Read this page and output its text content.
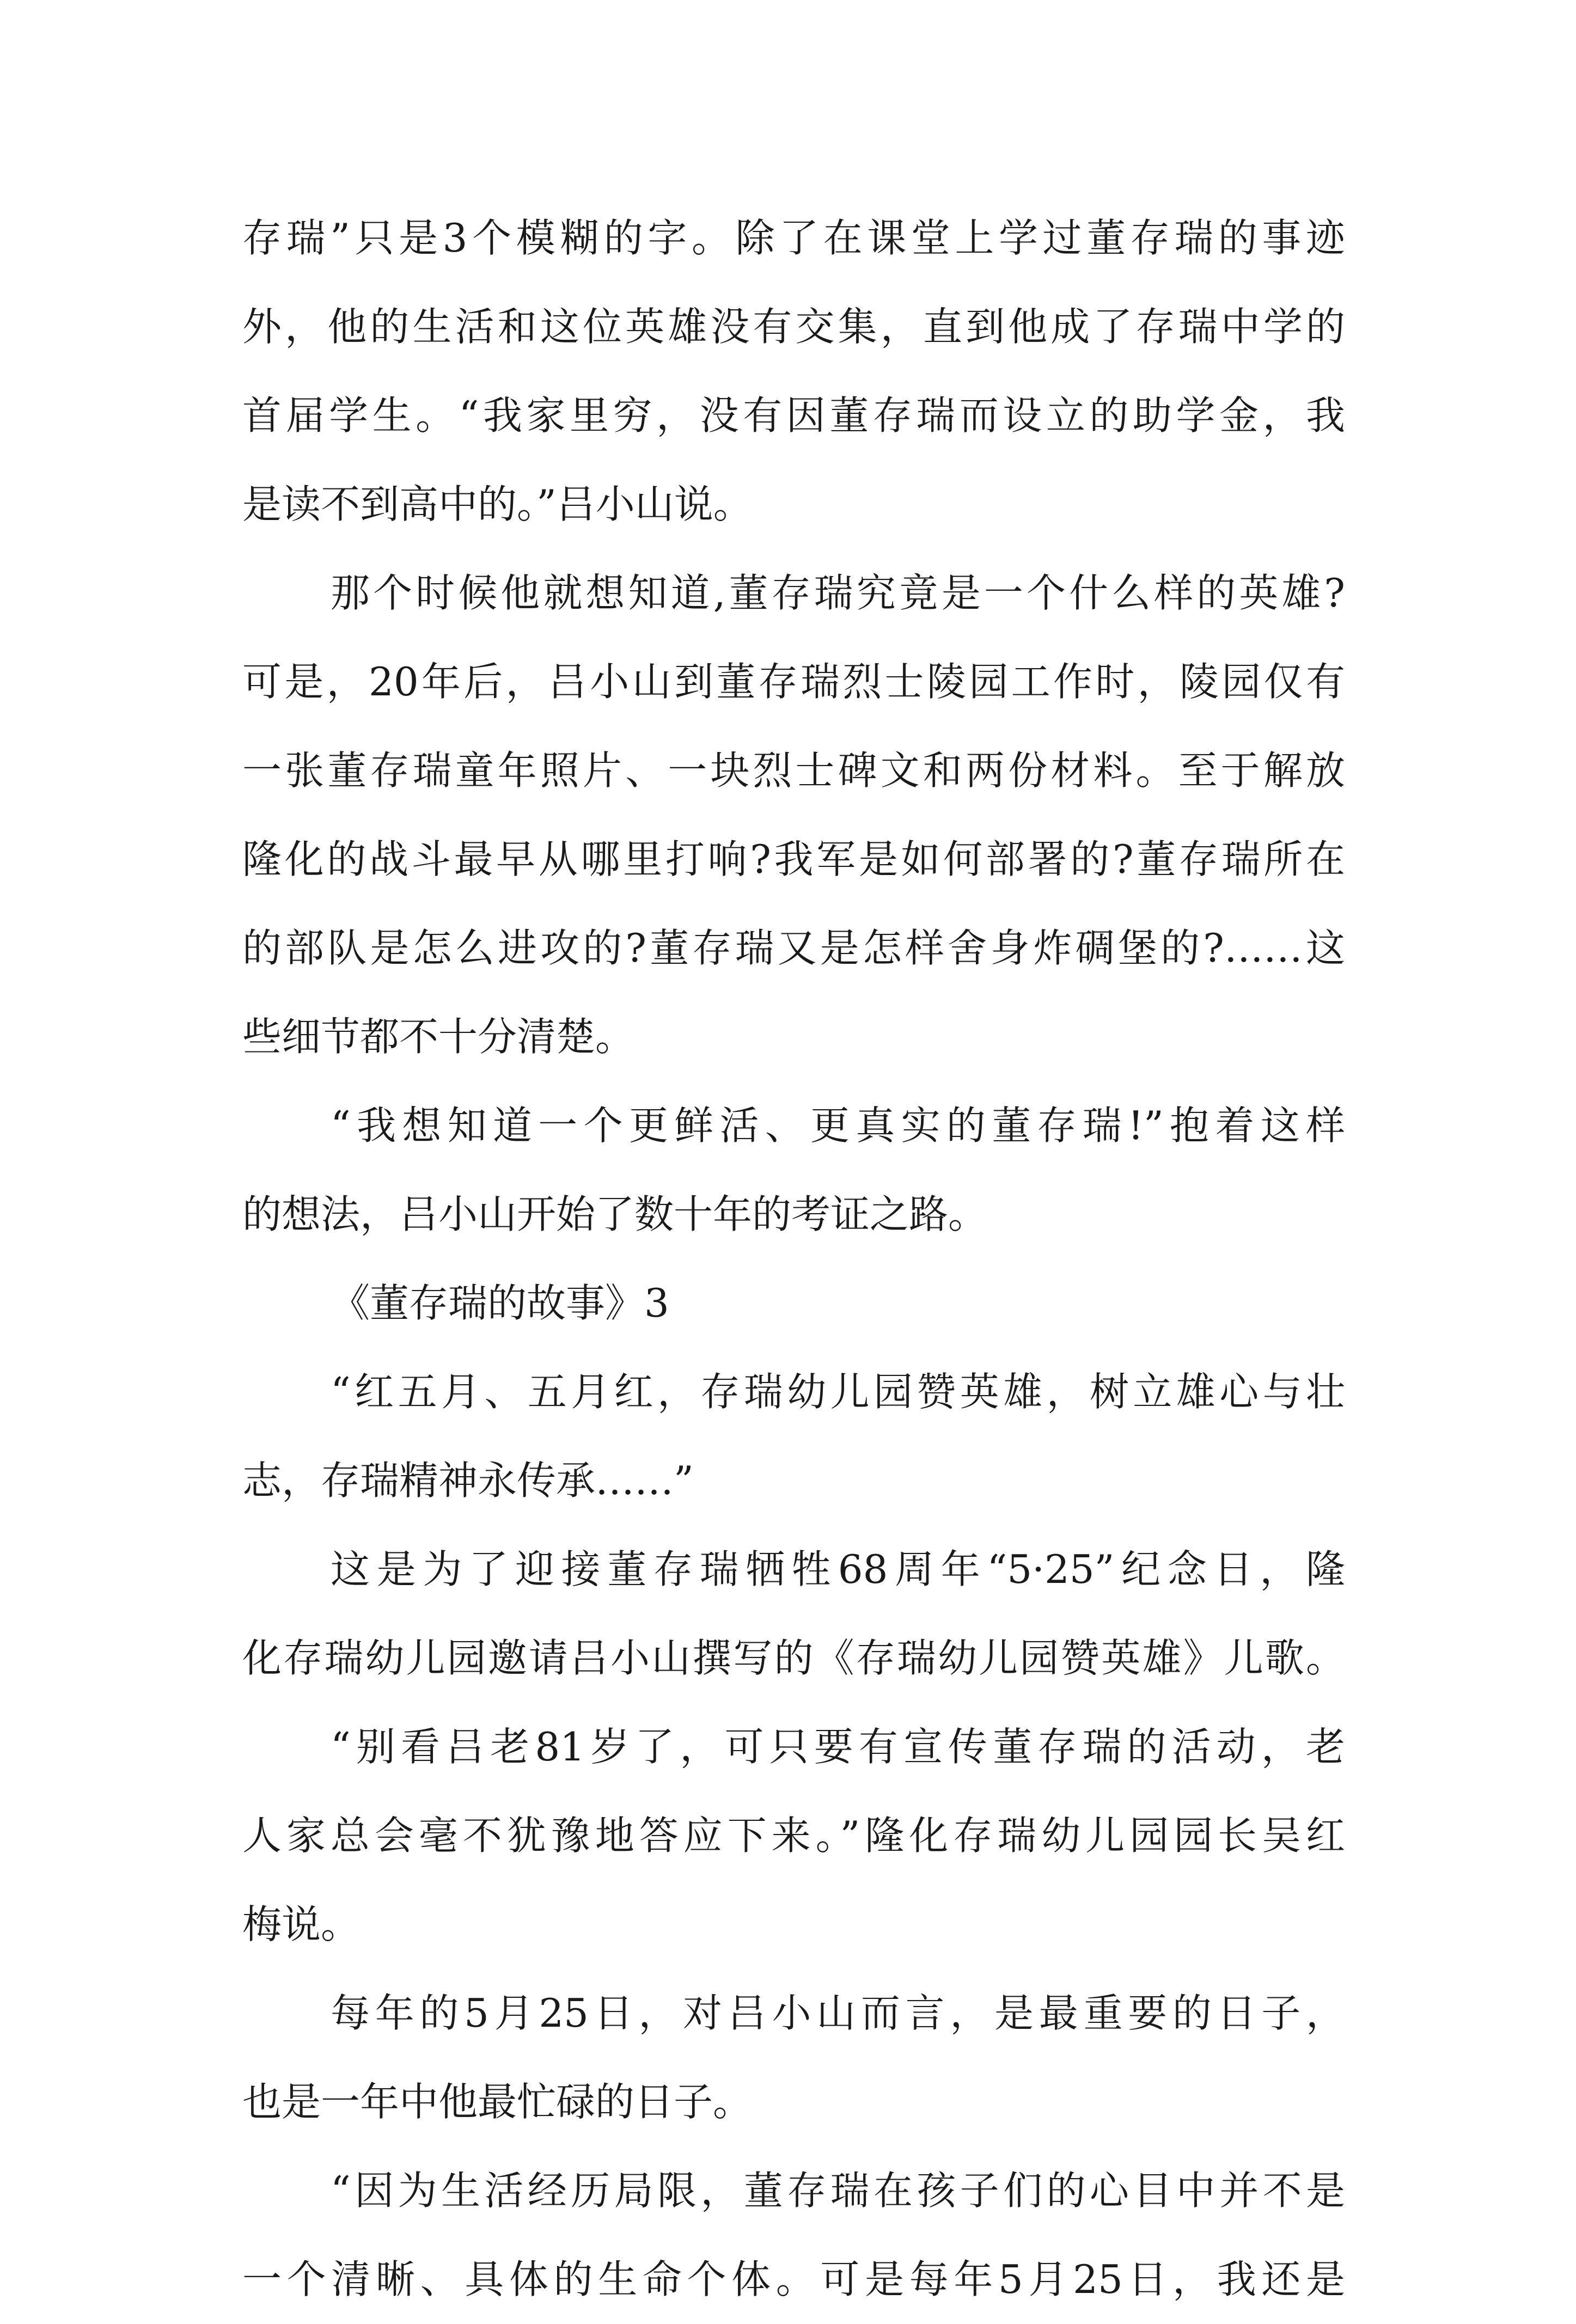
存瑞”只是3个模糊的字。除了在课堂上学过董存瑞的事迹
外，他的生活和这位英雄没有交集，直到他成了存瑞中学的
首届学生。“我家里穷，没有因董存瑞而设立的助学金，我
是读不到高中的。”吕小山说。
那个时候他就想知道,董存瑞究竟是一个什么样的英雄?
可是，20年后，吕小山到董存瑞烈士陵园工作时，陵园仅有
一张董存瑞童年照片、一块烈士碑文和两份材料。至于解放
隆化的战斗最早从哪里打响?我军是如何部署的?董存瑞所在
的部队是怎么进攻的?董存瑞又是怎样舍身炸碉堡的?……这
些细节都不十分清楚。
“我想知道一个更鲜活、更真实的董存瑞!”抱着这样
的想法，吕小山开始了数十年的考证之路。
《董存瑞的故事》3
“红五月、五月红，存瑞幼儿园赞英雄，树立雄心与壮
志，存瑞精神永传承……”
这是为了迎接董存瑞牺牲68周年“5·25”纪念日，隆
化存瑞幼儿园邀请吕小山撰写的《存瑞幼儿园赞英雄》儿歌。
“别看吕老81岁了，可只要有宣传董存瑞的活动，老
人家总会毫不犹豫地答应下来。”隆化存瑞幼儿园园长吴红
梅说。
每年的5月25日，对吕小山而言，是最重要的日子，
也是一年中他最忙碌的日子。
“因为生活经历局限，董存瑞在孩子们的心目中并不是
一个清晰、具体的生命个体。可是每年5月25日，我还是
